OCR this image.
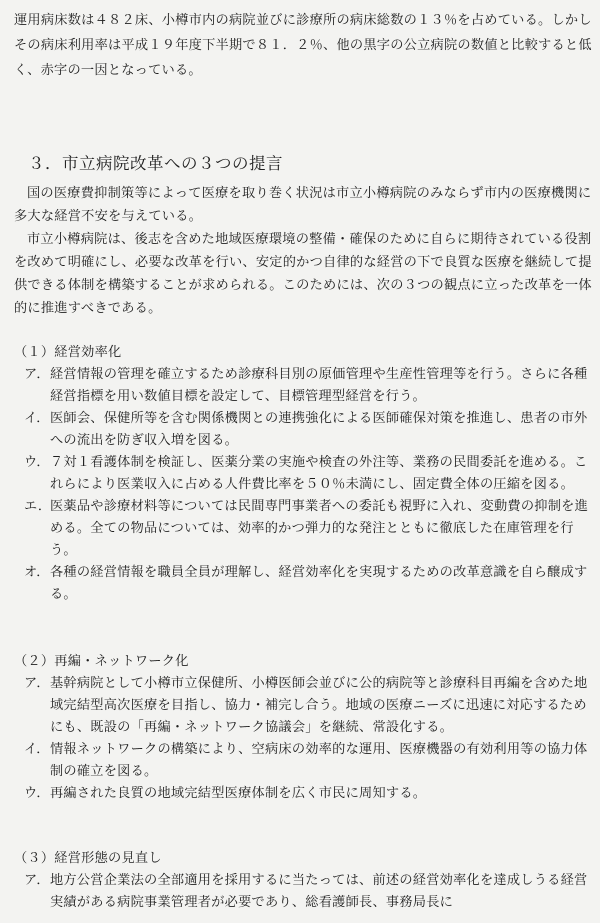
運用病床数は４８２床、小樽市内の病院並びに診療所の病床総数の１３％を占めている。しかしその病床利用率は平成１９年度下半期で８１．２％、他の黒字の公立病院の数値と比較すると低く、赤字の一因となっている。

３．市立病院改革への３つの提言

国の医療費抑制策等によって医療を取り巻く状況は市立小樽病院のみならず市内の医療機関に多大な経営不安を与えている。

市立小樽病院は、後志を含めた地域医療環境の整備・確保のために自らに期待されている役割を改めて明確にし、必要な改革を行い、安定的かつ自律的な経営の下で良質な医療を継続して提供できる体制を構築することが求められる。このためには、次の３つの観点に立った改革を一体的に推進すべきである。

（１）経営効率化

ア． 経営情報の管理を確立するため診療科目別の原価管理や生産性管理等を行う。さらに各種経営指標を用い数値目標を設定して、目標管理型経営を行う。

イ． 医師会、保健所等を含む関係機関との連携強化による医師確保対策を推進し、患者の市外への流出を防ぎ収入増を図る。

ウ． ７対１看護体制を検証し、医薬分業の実施や検査の外注等、業務の民間委託を進める。これらにより医業収入に占める人件費比率を５０％未満にし、固定費全体の圧縮を図る。

エ．

医薬品や診療材料等については民間専門事業者への委託も視野に入れ、変動費の抑制を進める。全ての物品については、効率的かつ弾力的な発注とともに徹底した在庫管理を行う。

オ． 各種の経営情報を職員全員が理解し、経営効率化を実現するための改革意識を自ら醸成する。

（２）再編・ネットワーク化

ア． 基幹病院として小樽市立保健所、小樽医師会並びに公的病院等と診療科目再編を含めた地域完結型高次医療を目指し、協力・補完し合う。地域の医療ニーズに迅速に対応するためにも、既設の「再編・ネットワーク協議会」を継続、常設化する。

イ． 情報ネットワークの構築により、空病床の効率的な運用、医療機器の有効利用等の協力体制の確立を図る。

ウ． 再編された良質の地域完結型医療体制を広く市民に周知する。

（３）経営形態の見直し

ア． 地方公営企業法の全部適用を採用するに当たっては、前述の経営効率化を達成しうる経営実績がある病院事業管理者が必要であり、総看護師長、事務局長に
